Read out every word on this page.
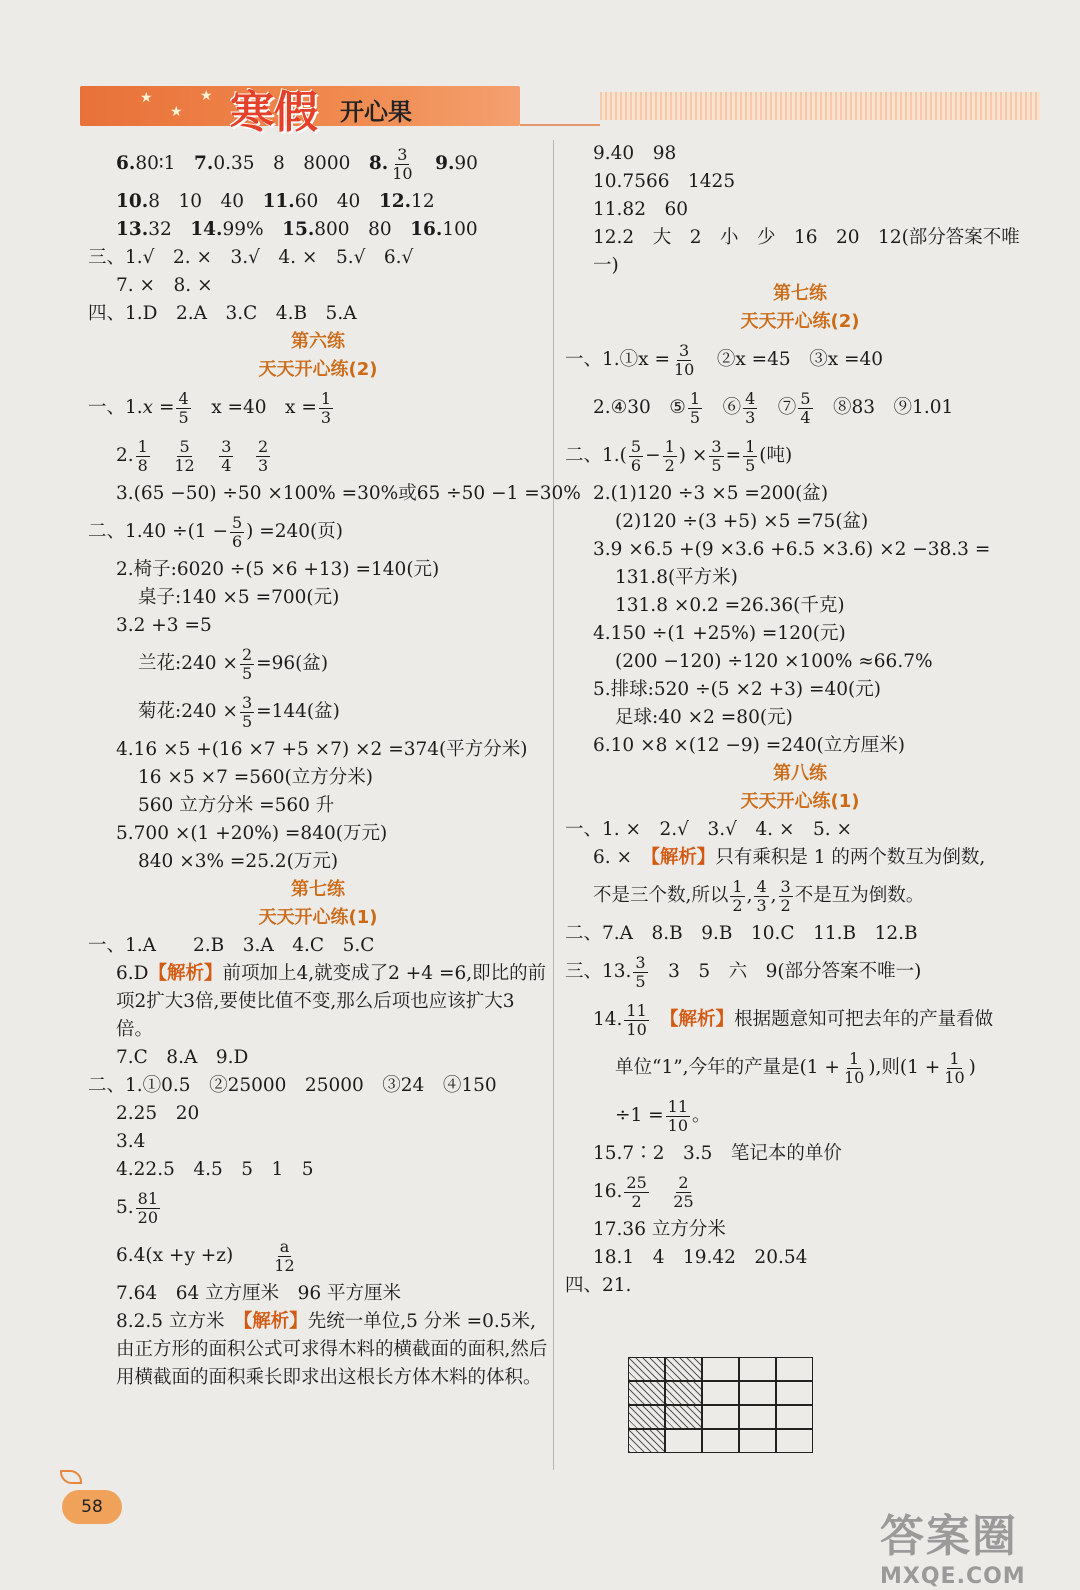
★
★
★ 寒假 开心果
6.80∶1　 7.0.35　8　8000　 8. $\frac{3}{10}$
　 9.90
10.8　10　40　 11.60　40　 12.12
13.32　 14.99%　 15.800　80　 16.100
三、1.√　2. ×　3.√　4. ×　5.√　6.√
7. ×　8. ×
四、1.D　2.A　3.C　4.B　5.A
第六练
天天开心练(2)
一、$1.x = \frac{4}{5}$
　 x =40　$x = \frac{1}{3}$
2. $\frac{1}{8}$
　 $\frac{5}{12}$
　 $\frac{3}{4}$
　 $\frac{2}{3}$
3.(65 −50) ÷50 ×100% =30%或65 ÷50 −1 =30%
二、$1.40 \div(1 - \frac{5}{6}$ ) =240(页)
2.椅子:6020 ÷(5 ×6 +13) =140(元)
桌子:140 ×5 =700(元)
3.2 +3 =5
兰花:240 × $\frac{2}{5} =96$(盆)
菊花:240 × $\frac{3}{5} =144$(盆)
4.16 ×5 +(16 ×7 +5 ×7) ×2 =374(平方分米)
16 ×5 ×7 =560(立方分米)
560 立方分米 =560 升
5.700 ×(1 +20%) =840(万元)
840 ×3% =25.2(万元)
第七练
天天开心练(1)
一、1.A　　2.B　3.A　4.C　5.C
6.D【解析】前项加上4,就变成了2 +4 =6,即比的前项2扩大3倍,要使比值不变,那么后项也应该扩大3倍。
7.C　8.A　9.D
二、1.①0.5　②25000　25000　③24　④150
2.25　20
3.4
4.22.5　4.5　5　1　5
5. $\frac{81}{20}$
6.4(x +y +z)　　 $\frac{a}{12}$
7.64　64 立方厘米　96 平方厘米
8.2.5 立方米　 【解析】先统一单位,5 分米 =0.5米,由正方形的面积公式可求得木料的横截面的面积,然后用横截面的面积乘长即求出这根长方体木料的体积。
9.40　98
10.7566　1425
11.82　60
12.2　大　2　小　少　16　20　12(部分答案不唯一)
第七练
天天开心练(2)
一、1.①x = $\frac{3}{10}$
　 ②x =45　③x =40
2.④30　⑤ $\frac{1}{5}$
　 ⑥ $\frac{4}{3}$
　 ⑦ $\frac{5}{4}$
　 ⑧83　⑨1.01
二、$1.( \frac{5}{6} - \frac{1}{2}$ ) × $\frac{3}{5} = \frac{1}{5}$ (吨)
2.(1)120 ÷3 ×5 =200(盆)
(2)120 ÷(3 +5) ×5 =75(盆)
3.9 ×6.5 +(9 ×3.6 +6.5 ×3.6) ×2 −38.3 =
131.8(平方米)
131.8 ×0.2 =26.36(千克)
4.150 ÷(1 +25%) =120(元)
(200 −120) ÷120 ×100% ≈66.7%
5.排球:520 ÷(5 ×2 +3) =40(元)
足球:40 ×2 =80(元)
6.10 ×8 ×(12 −9) =240(立方厘米)
第八练
天天开心练(1)
一、1. ×　2.√　3.√　4. ×　5. ×
6. ×　 【解析】只有乘积是 1 的两个数互为倒数,
不是三个数,所以 $\frac{1}{2}$ , $\frac{4}{3}$ , $\frac{3}{2}$ 不是互为倒数。
二、7.A　8.B　9.B　10.C　11.B　12.B
三、13. $\frac{3}{5}$
　 3　5　六　9(部分答案不唯一)
14. $\frac{11}{10}$
　 【解析】根据题意知可把去年的产量看做
单位“1”,今年的产量是($1 + \frac{1}{10}$ ),则($1 + \frac{1}{10}$ )
$\div 1 = \frac{11}{10}$ 。
15.7∶2　3.5　笔记本的单价
16. $\frac{25}{2}$
　 $\frac{2}{25}$
17.36 立方分米
18.1　4　19.42　20.54
四、21.
58
答案圈
MXQE.COM
